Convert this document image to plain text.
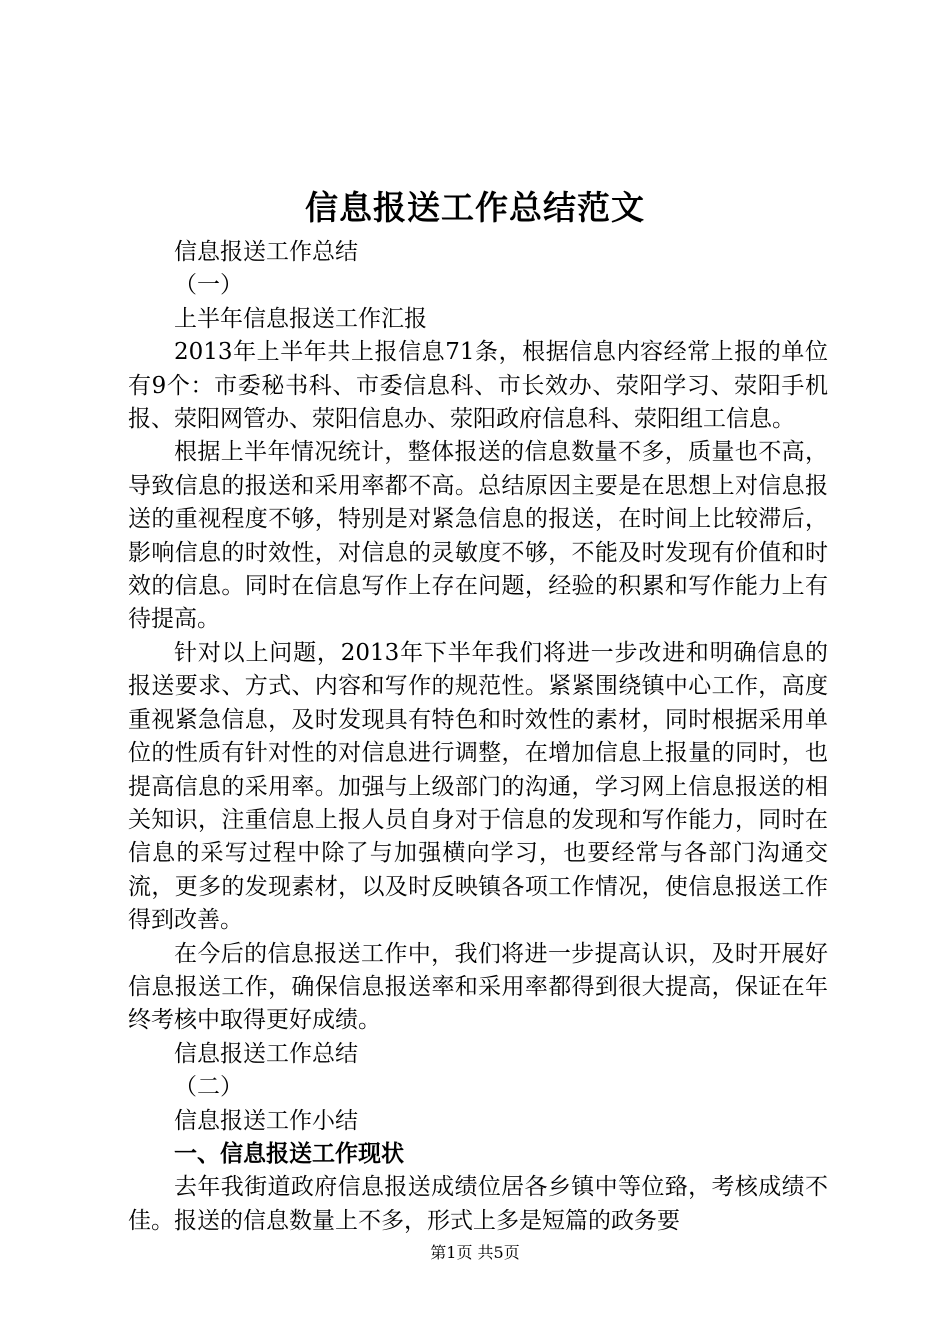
信息报送工作总结范文

信息报送工作总结

（一）

上半年信息报送工作汇报

2013年上半年共上报信息71条，根据信息内容经常上报的单位有9个：市委秘书科、市委信息科、市长效办、荥阳学习、荥阳手机报、荥阳网管办、荥阳信息办、荥阳政府信息科、荥阳组工信息。

根据上半年情况统计，整体报送的信息数量不多，质量也不高，导致信息的报送和采用率都不高。总结原因主要是在思想上对信息报送的重视程度不够，特别是对紧急信息的报送，在时间上比较滞后，影响信息的时效性，对信息的灵敏度不够，不能及时发现有价值和时效的信息。同时在信息写作上存在问题，经验的积累和写作能力上有待提高。

针对以上问题，2013年下半年我们将进一步改进和明确信息的报送要求、方式、内容和写作的规范性。紧紧围绕镇中心工作，高度重视紧急信息，及时发现具有特色和时效性的素材，同时根据采用单位的性质有针对性的对信息进行调整，在增加信息上报量的同时，也提高信息的采用率。加强与上级部门的沟通，学习网上信息报送的相关知识，注重信息上报人员自身对于信息的发现和写作能力，同时在信息的采写过程中除了与加强横向学习，也要经常与各部门沟通交流，更多的发现素材，以及时反映镇各项工作情况，使信息报送工作得到改善。

在今后的信息报送工作中，我们将进一步提高认识，及时开展好信息报送工作，确保信息报送率和采用率都得到很大提高，保证在年终考核中取得更好成绩。

信息报送工作总结

（二）

信息报送工作小结

一、信息报送工作现状

去年我街道政府信息报送成绩位居各乡镇中等位臵，考核成绩不佳。报送的信息数量上不多，形式上多是短篇的政务要

第1页 共5页
